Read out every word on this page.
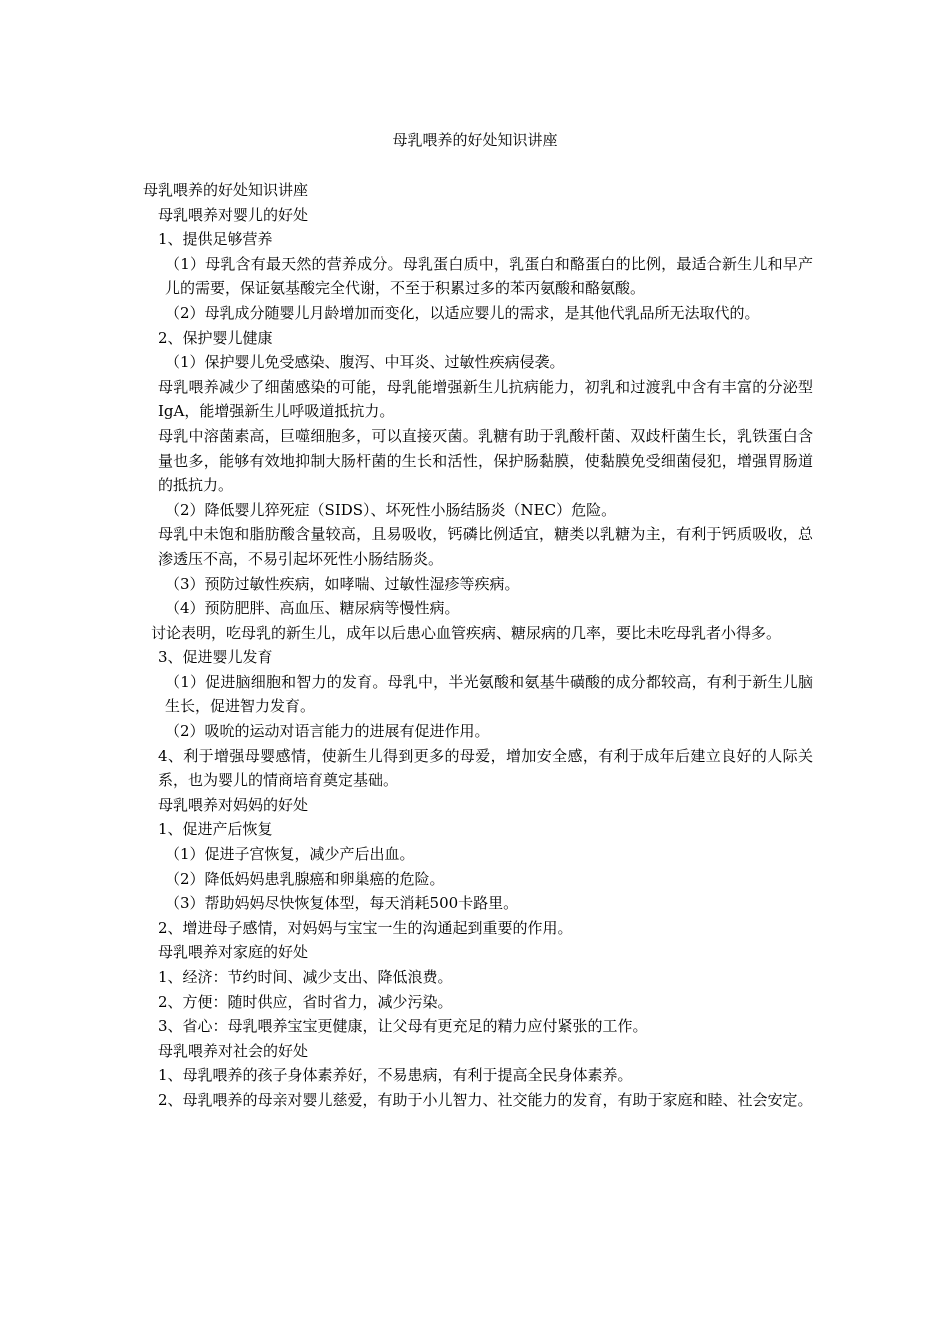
母乳喂养的好处知识讲座

母乳喂养的好处知识讲座

母乳喂养对婴儿的好处

1、提供足够营养

（1）母乳含有最天然的营养成分。母乳蛋白质中，乳蛋白和酪蛋白的比例，最适合新生儿和早产儿的需要，保证氨基酸完全代谢，不至于积累过多的苯丙氨酸和酪氨酸。

（2）母乳成分随婴儿月龄增加而变化，以适应婴儿的需求，是其他代乳品所无法取代的。

2、保护婴儿健康

（1）保护婴儿免受感染、腹泻、中耳炎、过敏性疾病侵袭。

母乳喂养减少了细菌感染的可能，母乳能增强新生儿抗病能力，初乳和过渡乳中含有丰富的分泌型IgA，能增强新生儿呼吸道抵抗力。

母乳中溶菌素高，巨噬细胞多，可以直接灭菌。乳糖有助于乳酸杆菌、双歧杆菌生长，乳铁蛋白含量也多，能够有效地抑制大肠杆菌的生长和活性，保护肠黏膜，使黏膜免受细菌侵犯，增强胃肠道的抵抗力。

（2）降低婴儿猝死症（SIDS）、坏死性小肠结肠炎（NEC）危险。

母乳中未饱和脂肪酸含量较高，且易吸收，钙磷比例适宜，糖类以乳糖为主，有利于钙质吸收，总渗透压不高，不易引起坏死性小肠结肠炎。

（3）预防过敏性疾病，如哮喘、过敏性湿疹等疾病。

（4）预防肥胖、高血压、糖尿病等慢性病。

讨论表明，吃母乳的新生儿，成年以后患心血管疾病、糖尿病的几率，要比未吃母乳者小得多。

3、促进婴儿发育

（1）促进脑细胞和智力的发育。母乳中，半光氨酸和氨基牛磺酸的成分都较高，有利于新生儿脑生长，促进智力发育。

（2）吸吮的运动对语言能力的进展有促进作用。

4、利于增强母婴感情，使新生儿得到更多的母爱，增加安全感，有利于成年后建立良好的人际关系，也为婴儿的情商培育奠定基础。

母乳喂养对妈妈的好处

1、促进产后恢复

（1）促进子宫恢复，减少产后出血。

（2）降低妈妈患乳腺癌和卵巢癌的危险。

（3）帮助妈妈尽快恢复体型，每天消耗500卡路里。

2、增进母子感情，对妈妈与宝宝一生的沟通起到重要的作用。

母乳喂养对家庭的好处

1、经济：节约时间、减少支出、降低浪费。

2、方便：随时供应，省时省力，减少污染。

3、省心：母乳喂养宝宝更健康，让父母有更充足的精力应付紧张的工作。

母乳喂养对社会的好处

1、母乳喂养的孩子身体素养好，不易患病，有利于提高全民身体素养。

2、母乳喂养的母亲对婴儿慈爱，有助于小儿智力、社交能力的发育，有助于家庭和睦、社会安定。
